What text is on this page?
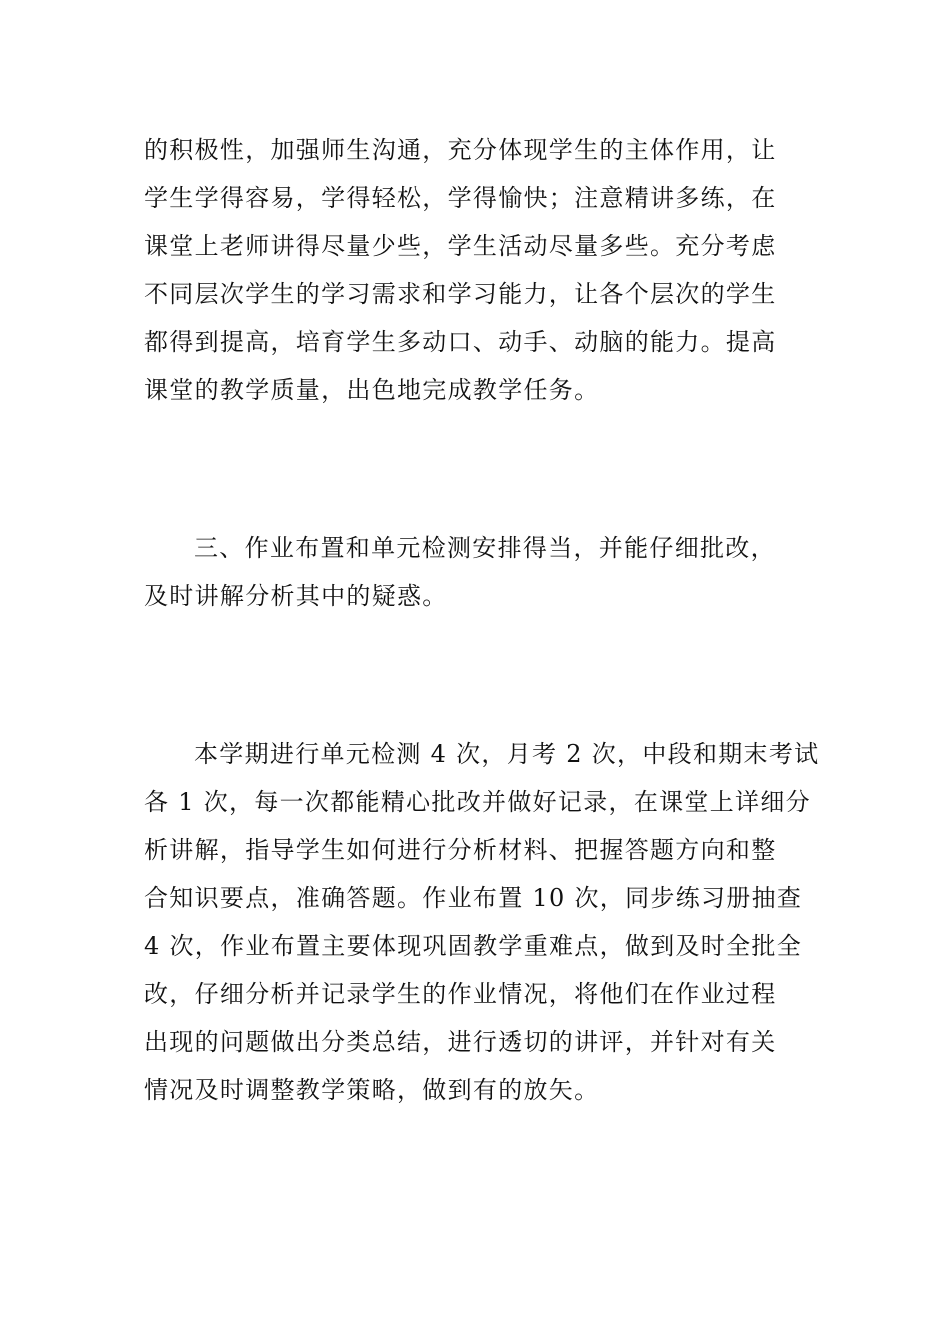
的积极性，加强师生沟通，充分体现学生的主体作用，让
学生学得容易，学得轻松，学得愉快；注意精讲多练，在
课堂上老师讲得尽量少些，学生活动尽量多些。充分考虑
不同层次学生的学习需求和学习能力，让各个层次的学生
都得到提高，培育学生多动口、动手、动脑的能力。提高
课堂的教学质量，出色地完成教学任务。
三、作业布置和单元检测安排得当，并能仔细批改，
及时讲解分析其中的疑惑。
本学期进行单元检测 4 次，月考 2 次，中段和期末考试
各 1 次，每一次都能精心批改并做好记录，在课堂上详细分
析讲解，指导学生如何进行分析材料、把握答题方向和整
合知识要点，准确答题。作业布置 10 次，同步练习册抽查
4 次，作业布置主要体现巩固教学重难点，做到及时全批全
改，仔细分析并记录学生的作业情况，将他们在作业过程
出现的问题做出分类总结，进行透切的讲评，并针对有关
情况及时调整教学策略，做到有的放矢。
